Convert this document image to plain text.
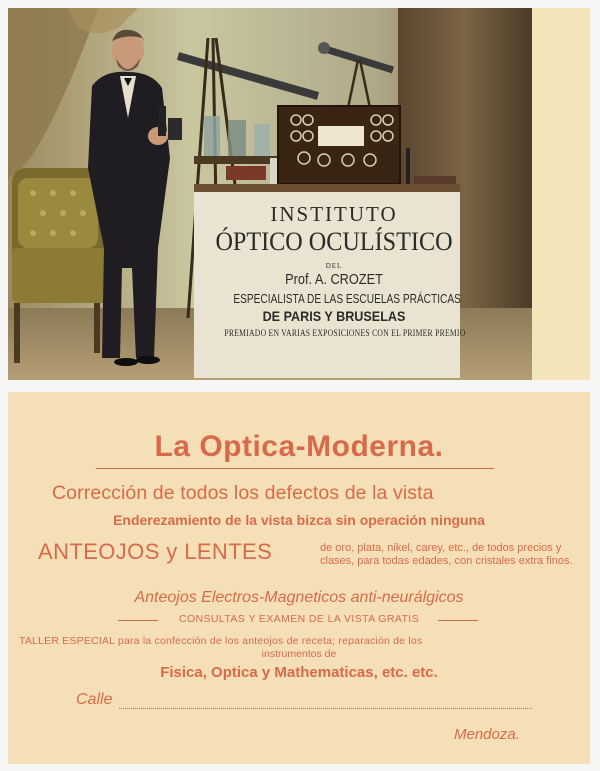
INSTITUTO
ÓPTICO OCULÍSTICO
DEL
Prof. A. CROZET
ESPECIALISTA DE LAS ESCUELAS PRÁCTICAS
DE PARIS Y BRUSELAS
PREMIADO EN VARIAS EXPOSICIONES CON EL PRIMER PREMIO
La Optica-Moderna.
Corrección de todos los defectos de la vista
Enderezamiento de la vista bizca sin operación ninguna
ANTEOJOS y LENTES	de oro, plata, nikel, carey, etc., de todos precios y clases, para todas edades, con cristales extra finos.
Anteojos Electros-Magneticos anti-neurálgicos
CONSULTAS Y EXAMEN DE LA VISTA GRATIS
TALLER ESPECIAL para la confección de los anteojos de receta; reparación de los
instrumentos de
Fisica, Optica y Mathematicas, etc. etc.
Calle
Mendoza.
